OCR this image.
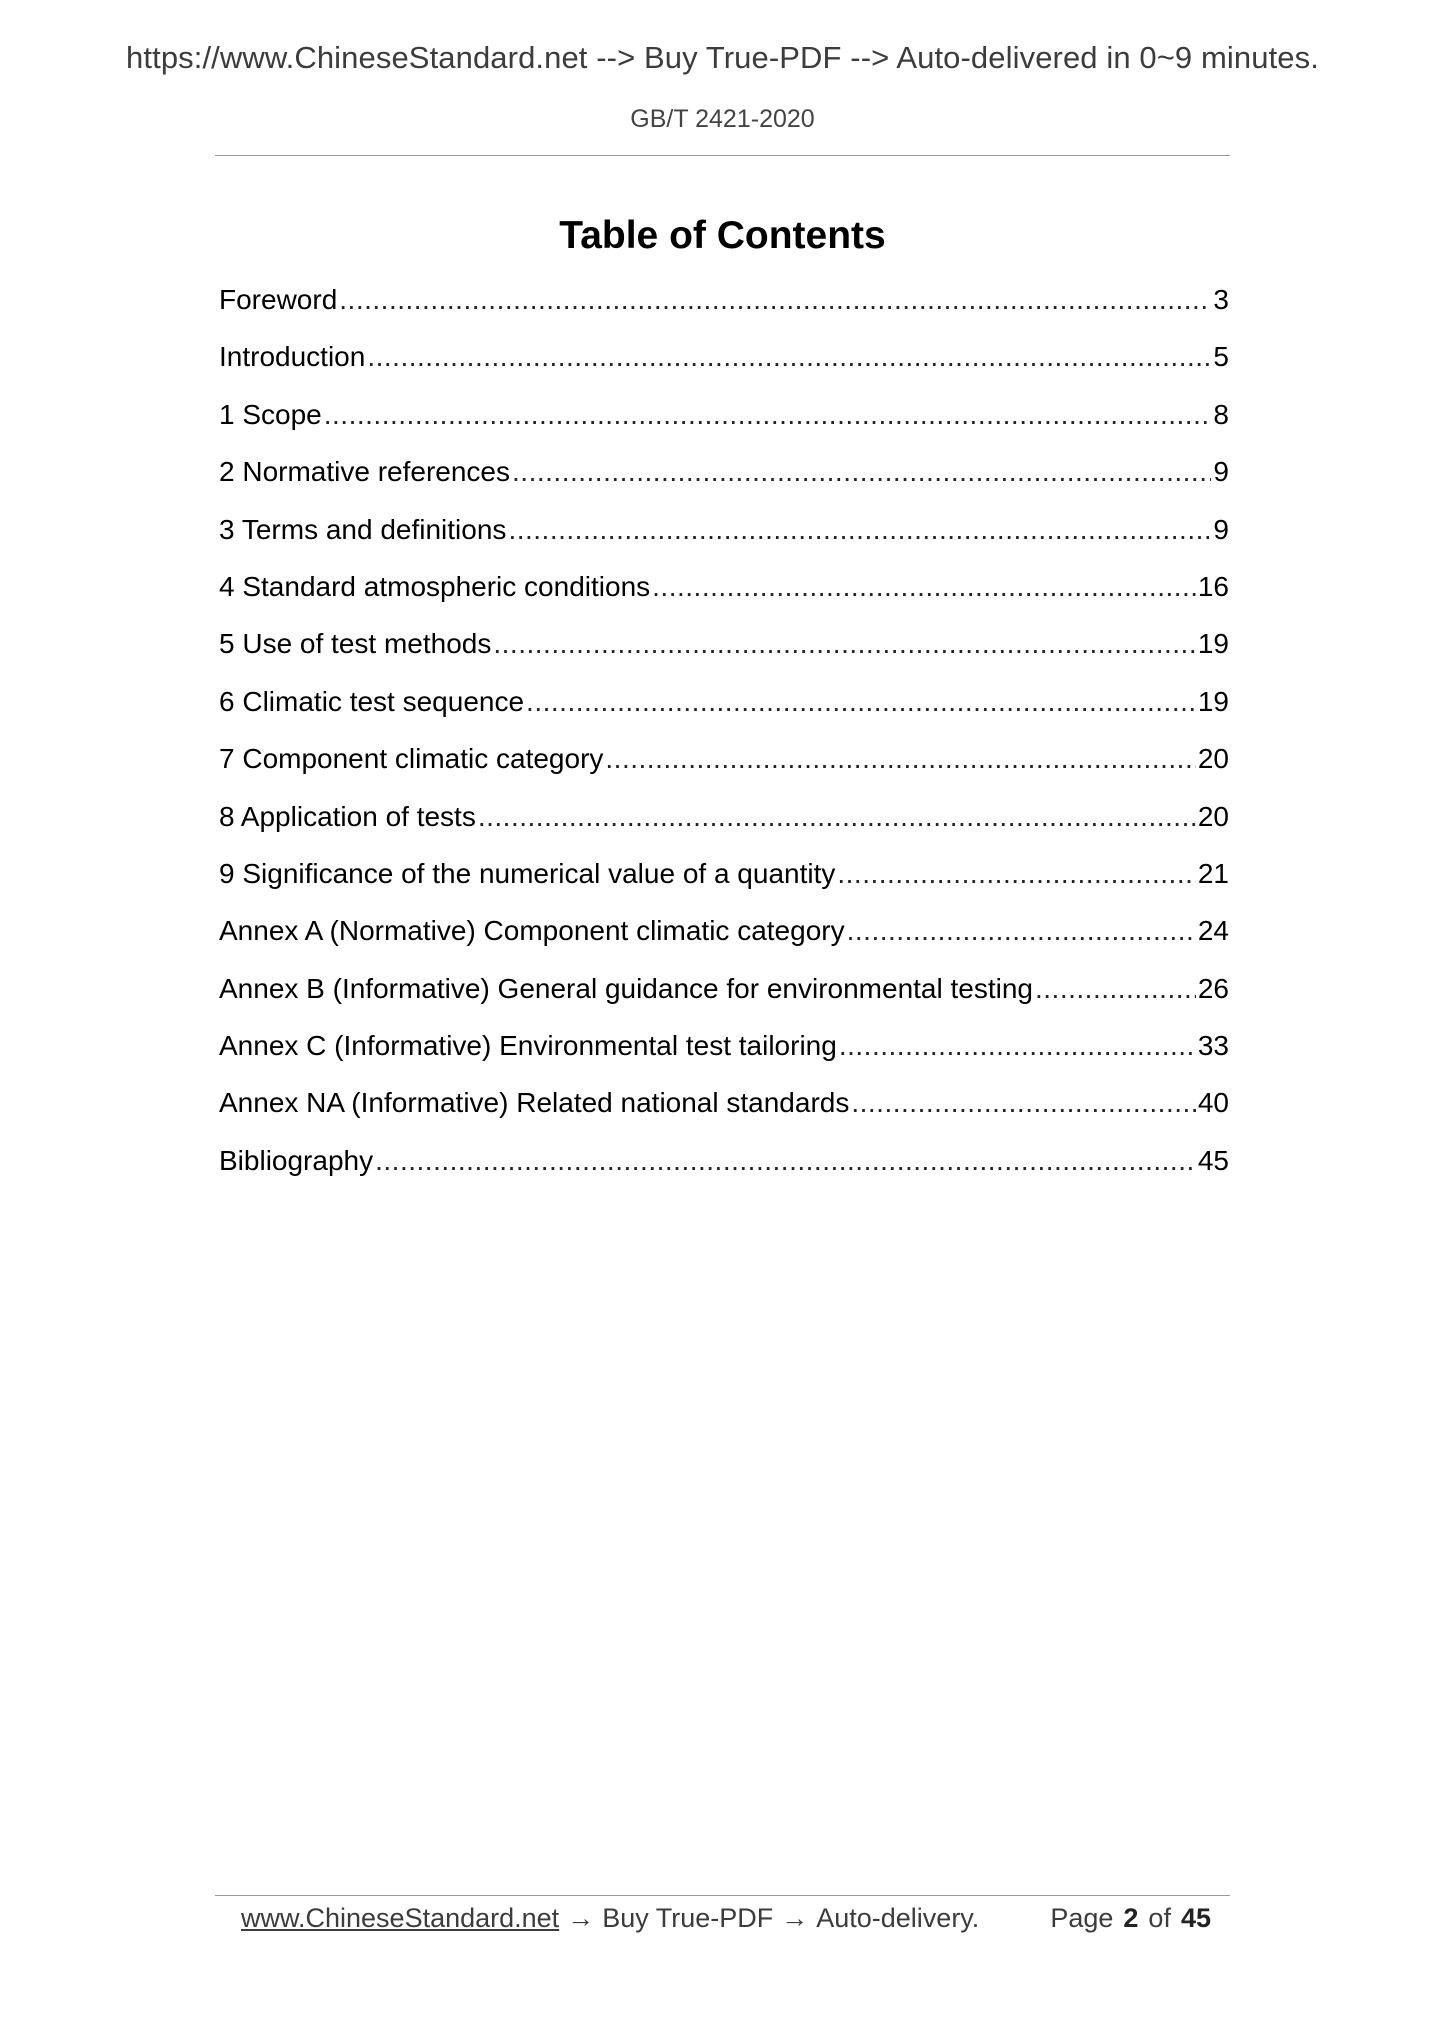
https://www.ChineseStandard.net --> Buy True-PDF --> Auto-delivered in 0~9 minutes.
GB/T 2421-2020
Table of Contents
Foreword .....	3
Introduction .....	5
1 Scope .....	8
2 Normative references .....	9
3 Terms and definitions .....	9
4 Standard atmospheric conditions .....	16
5 Use of test methods .....	19
6 Climatic test sequence .....	19
7 Component climatic category .....	20
8 Application of tests .....	20
9 Significance of the numerical value of a quantity .....	21
Annex A (Normative) Component climatic category .....	24
Annex B (Informative) General guidance for environmental testing .....	26
Annex C (Informative) Environmental test tailoring .....	33
Annex NA (Informative) Related national standards .....	40
Bibliography .....	45
www.ChineseStandard.net → Buy True-PDF → Auto-delivery.	Page 2 of 45
